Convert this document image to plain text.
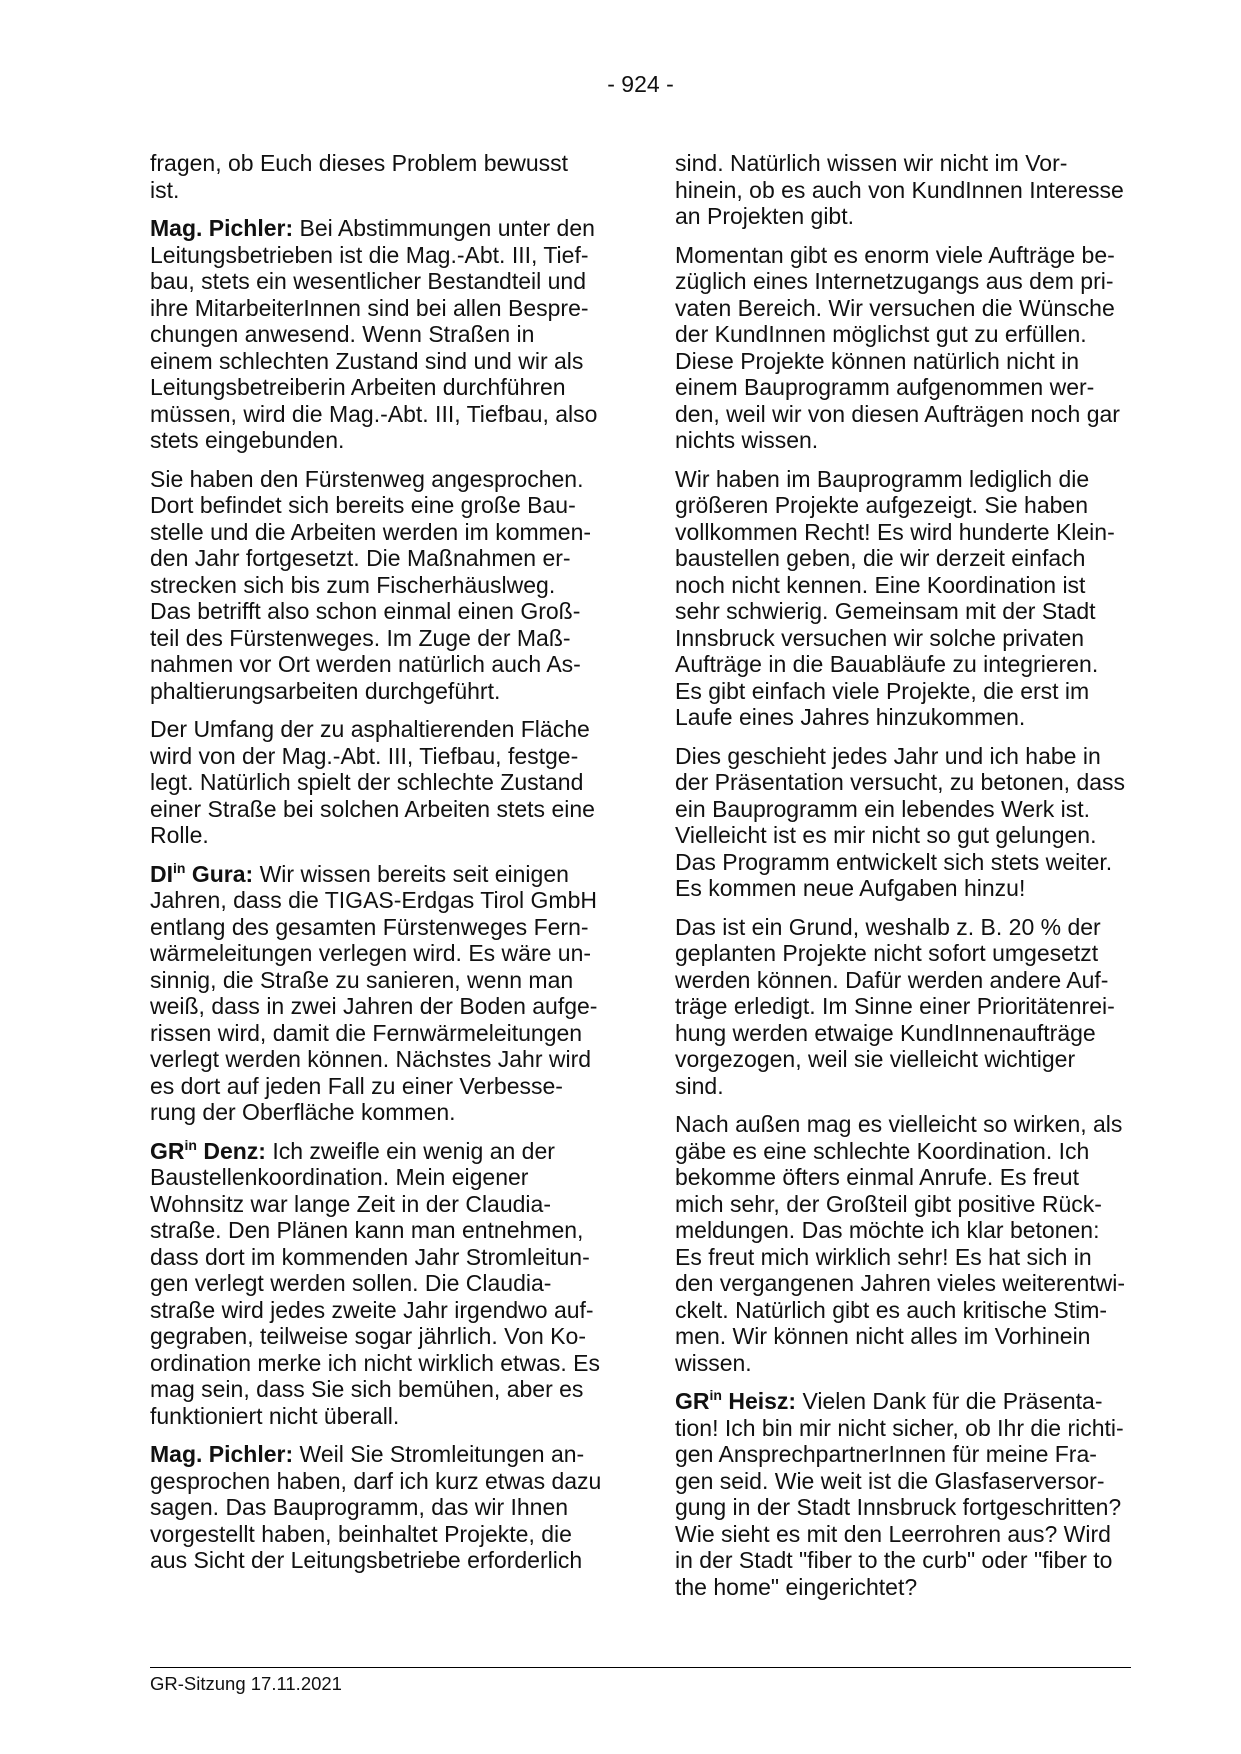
- 924 -
fragen, ob Euch dieses Problem bewusst
ist.
Mag. Pichler: Bei Abstimmungen unter den
Leitungsbetrieben ist die Mag.-Abt. III, Tief-
bau, stets ein wesentlicher Bestandteil und
ihre MitarbeiterInnen sind bei allen Bespre-
chungen anwesend. Wenn Straßen in
einem schlechten Zustand sind und wir als
Leitungsbetreiberin Arbeiten durchführen
müssen, wird die Mag.-Abt. III, Tiefbau, also
stets eingebunden.
Sie haben den Fürstenweg angesprochen.
Dort befindet sich bereits eine große Bau-
stelle und die Arbeiten werden im kommen-
den Jahr fortgesetzt. Die Maßnahmen er-
strecken sich bis zum Fischerhäuslweg.
Das betrifft also schon einmal einen Groß-
teil des Fürstenweges. Im Zuge der Maß-
nahmen vor Ort werden natürlich auch As-
phaltierungsarbeiten durchgeführt.
Der Umfang der zu asphaltierenden Fläche
wird von der Mag.-Abt. III, Tiefbau, festge-
legt. Natürlich spielt der schlechte Zustand
einer Straße bei solchen Arbeiten stets eine
Rolle.
$DI^{in}$ Gura: Wir wissen bereits seit einigen
Jahren, dass die TIGAS-Erdgas Tirol GmbH
entlang des gesamten Fürstenweges Fern-
wärmeleitungen verlegen wird. Es wäre un-
sinnig, die Straße zu sanieren, wenn man
weiß, dass in zwei Jahren der Boden aufge-
rissen wird, damit die Fernwärmeleitungen
verlegt werden können. Nächstes Jahr wird
es dort auf jeden Fall zu einer Verbesse-
rung der Oberfläche kommen.
$GR^{in}$ Denz: Ich zweifle ein wenig an der
Baustellenkoordination. Mein eigener
Wohnsitz war lange Zeit in der Claudia-
straße. Den Plänen kann man entnehmen,
dass dort im kommenden Jahr Stromleitun-
gen verlegt werden sollen. Die Claudia-
straße wird jedes zweite Jahr irgendwo auf-
gegraben, teilweise sogar jährlich. Von Ko-
ordination merke ich nicht wirklich etwas. Es
mag sein, dass Sie sich bemühen, aber es
funktioniert nicht überall.
Mag. Pichler: Weil Sie Stromleitungen an-
gesprochen haben, darf ich kurz etwas dazu
sagen. Das Bauprogramm, das wir Ihnen
vorgestellt haben, beinhaltet Projekte, die
aus Sicht der Leitungsbetriebe erforderlich
sind. Natürlich wissen wir nicht im Vor-
hinein, ob es auch von KundInnen Interesse
an Projekten gibt.
Momentan gibt es enorm viele Aufträge be-
züglich eines Internetzugangs aus dem pri-
vaten Bereich. Wir versuchen die Wünsche
der KundInnen möglichst gut zu erfüllen.
Diese Projekte können natürlich nicht in
einem Bauprogramm aufgenommen wer-
den, weil wir von diesen Aufträgen noch gar
nichts wissen.
Wir haben im Bauprogramm lediglich die
größeren Projekte aufgezeigt. Sie haben
vollkommen Recht! Es wird hunderte Klein-
baustellen geben, die wir derzeit einfach
noch nicht kennen. Eine Koordination ist
sehr schwierig. Gemeinsam mit der Stadt
Innsbruck versuchen wir solche privaten
Aufträge in die Bauabläufe zu integrieren.
Es gibt einfach viele Projekte, die erst im
Laufe eines Jahres hinzukommen.
Dies geschieht jedes Jahr und ich habe in
der Präsentation versucht, zu betonen, dass
ein Bauprogramm ein lebendes Werk ist.
Vielleicht ist es mir nicht so gut gelungen.
Das Programm entwickelt sich stets weiter.
Es kommen neue Aufgaben hinzu!
Das ist ein Grund, weshalb z. B. 20 % der
geplanten Projekte nicht sofort umgesetzt
werden können. Dafür werden andere Auf-
träge erledigt. Im Sinne einer Prioritätenrei-
hung werden etwaige KundInnenaufträge
vorgezogen, weil sie vielleicht wichtiger
sind.
Nach außen mag es vielleicht so wirken, als
gäbe es eine schlechte Koordination. Ich
bekomme öfters einmal Anrufe. Es freut
mich sehr, der Großteil gibt positive Rück-
meldungen. Das möchte ich klar betonen:
Es freut mich wirklich sehr! Es hat sich in
den vergangenen Jahren vieles weiterentwi-
ckelt. Natürlich gibt es auch kritische Stim-
men. Wir können nicht alles im Vorhinein
wissen.
$GR^{in}$ Heisz: Vielen Dank für die Präsenta-
tion! Ich bin mir nicht sicher, ob Ihr die richti-
gen AnsprechpartnerInnen für meine Fra-
gen seid. Wie weit ist die Glasfaserversor-
gung in der Stadt Innsbruck fortgeschritten?
Wie sieht es mit den Leerrohren aus? Wird
in der Stadt "fiber to the curb" oder "fiber to
the home" eingerichtet?
GR-Sitzung 17.11.2021
